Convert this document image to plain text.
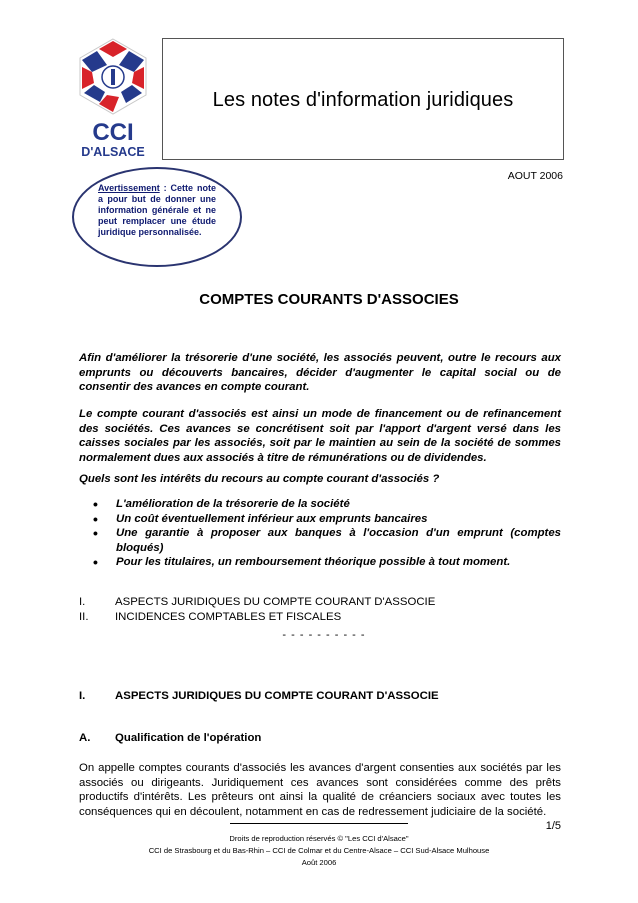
CCI
D'ALSACE
Les notes d'information juridiques
AOUT 2006
Avertissement : Cette note a pour but de donner une information générale et ne peut remplacer une étude juridique personnalisée.
COMPTES COURANTS D'ASSOCIES

Afin d'améliorer la trésorerie d'une société, les associés peuvent, outre le recours aux emprunts ou découverts bancaires, décider d'augmenter le capital social ou de consentir des avances en compte courant.

Le compte courant d'associés est ainsi un mode de financement ou de refinancement des sociétés. Ces avances se concrétisent soit par l'apport d'argent versé dans les caisses sociales par les associés, soit par le maintien au sein de la société de sommes normalement dues aux associés à titre de rémunérations ou de dividendes.

Quels sont les intérêts du recours au compte courant d'associés ?

• L'amélioration de la trésorerie de la société
• Un coût éventuellement inférieur aux emprunts bancaires
• Une garantie à proposer aux banques à l'occasion d'un emprunt (comptes bloqués)
• Pour les titulaires, un remboursement théorique possible à tout moment.
I.	ASPECTS JURIDIQUES DU COMPTE COURANT D'ASSOCIE
II. INCIDENCES COMPTABLES ET FISCALES
- - - - - - - - - -
I.	ASPECTS JURIDIQUES DU COMPTE COURANT D'ASSOCIE
A. Qualification de l'opération

On appelle comptes courants d'associés les avances d'argent consenties aux sociétés par les associés ou dirigeants. Juridiquement ces avances sont considérées comme des prêts productifs d'intérêts. Les prêteurs ont ainsi la qualité de créanciers sociaux avec toutes les conséquences qui en découlent, notamment en cas de redressement judiciaire de la société.

1/5
Droits de reproduction réservés © "Les CCI d'Alsace"
CCI de Strasbourg et du Bas-Rhin – CCI de Colmar et du Centre-Alsace – CCI Sud-Alsace Mulhouse
Août 2006
